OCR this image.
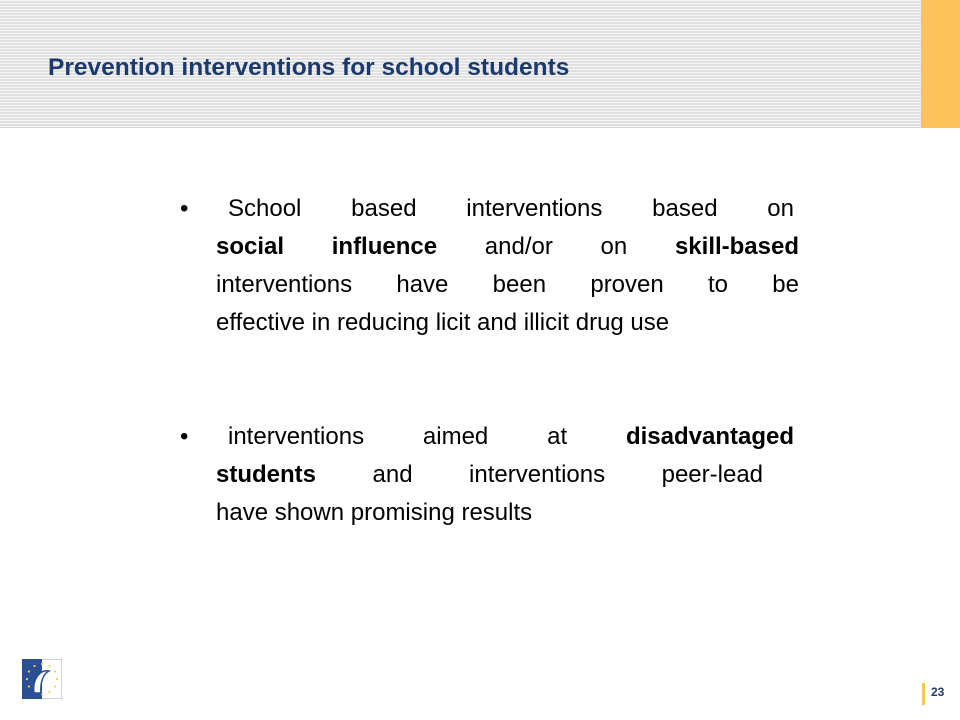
Prevention interventions for school students
•	School based interventions based on
social influence and/or on skill-based
interventions have been proven to be
effective in reducing licit and illicit drug use
•	interventions aimed at disadvantaged
students and interventions peer-lead
have shown promising results
23
